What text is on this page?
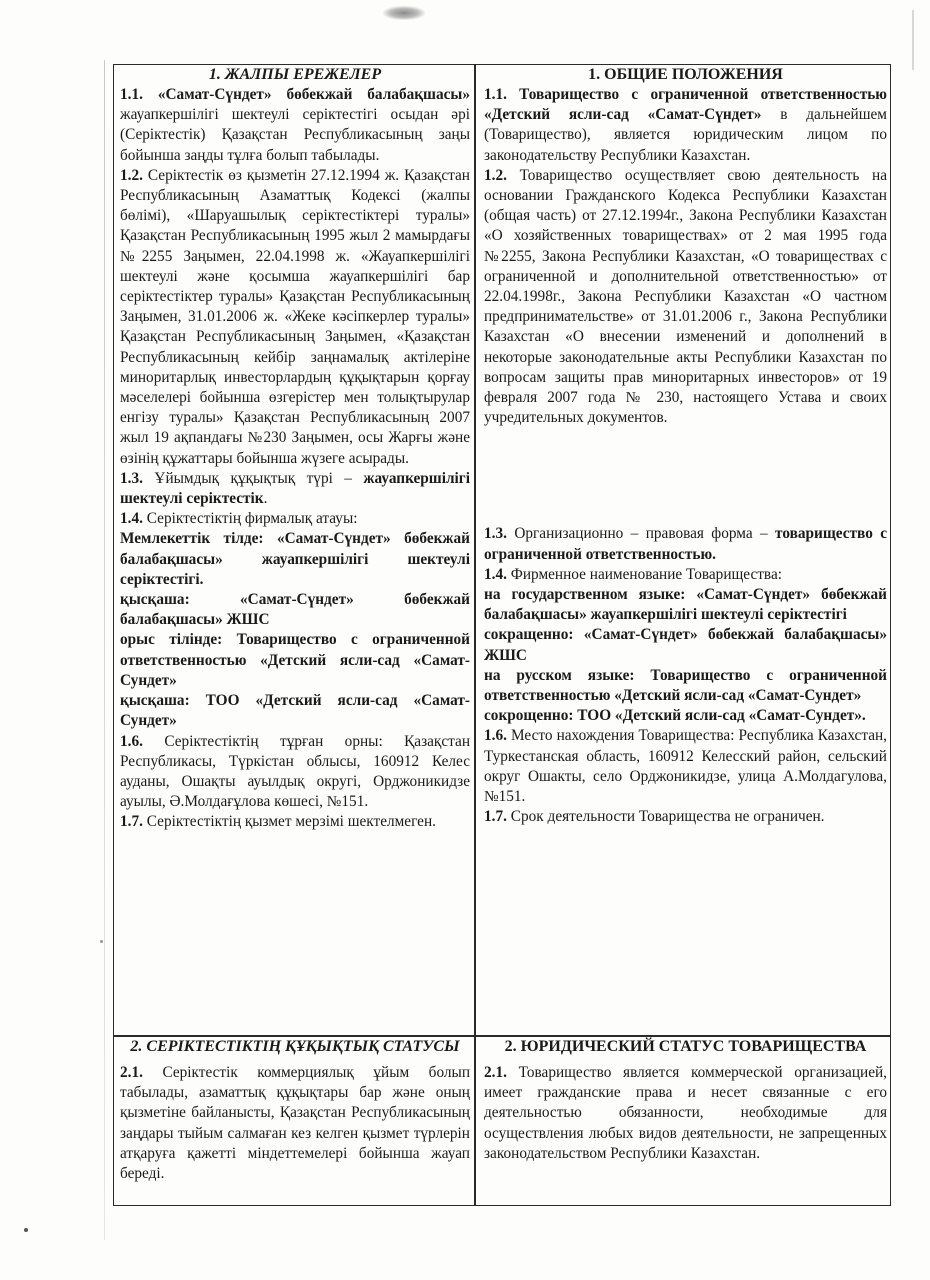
1. ЖАЛПЫ ЕРЕЖЕЛЕР

1.1. «Самат-Сүндет» бөбекжай балабақшасы» жауапкершілігі шектеулі серіктестігі осыдан әрі (Серіктестік) Қазақстан Республикасының заңы бойынша заңды тұлға болып табылады.

1.2. Серіктестік өз қызметін 27.12.1994 ж. Қазақстан Республикасының Азаматтық Кодексі (жалпы бөлімі), «Шаруашылық серіктестіктері туралы» Қазақстан Республикасының 1995 жыл 2 мамырдағы №2255 Заңымен, 22.04.1998 ж. «Жауапкершілігі шектеулі және қосымша жауапкершілігі бар серіктестіктер туралы» Қазақстан Республикасының Заңымен, 31.01.2006 ж. «Жеке кәсіпкерлер туралы» Қазақстан Республикасының Заңымен, «Қазақстан Республикасының кейбір заңнамалық актілеріне миноритарлық инвесторлардың құқықтарын қорғау мәселелері бойынша өзгерістер мен толықтырулар енгізу туралы» Қазақстан Республикасының 2007 жыл 19 ақпандағы №230 Заңымен, осы Жарғы және өзінің құжаттары бойынша жүзеге асырады.

1.3. Ұйымдық құқықтық түрі – жауапкершілігі шектеулі серіктестік.

1.4. Серіктестіктің фирмалық атауы:

Мемлекеттік тілде: «Самат-Сүндет» бөбекжай балабақшасы» жауапкершілігі шектеулі серіктестігі.

қысқаша: «Самат-Сүндет» бөбекжай балабақшасы» ЖШС

орыс тілінде: Товарищество с ограниченной ответственностью «Детский ясли-сад «Самат-Сундет»

қысқаша: ТОО «Детский ясли-сад «Самат-Сундет»

1.6. Серіктестіктің тұрған орны: Қазақстан Республикасы, Түркістан облысы, 160912 Келес ауданы, Ошақты ауылдық округі, Орджоникидзе ауылы, Ә.Молдағұлова көшесі, №151.

1.7. Серіктестіктің қызмет мерзімі шектелмеген.

1. ОБЩИЕ ПОЛОЖЕНИЯ

1.1. Товарищество с ограниченной ответственностью «Детский ясли-сад «Самат-Сүндет» в дальнейшем (Товарищество), является юридическим лицом по законодательству Республики Казахстан.

1.2. Товарищество осуществляет свою деятельность на основании Гражданского Кодекса Республики Казахстан (общая часть) от 27.12.1994г., Закона Республики Казахстан «О хозяйственных товариществах» от 2 мая 1995 года №2255, Закона Республики Казахстан, «О товариществах с ограниченной и дополнительной ответственностью» от 22.04.1998г., Закона Республики Казахстан «О частном предпринимательстве» от 31.01.2006 г., Закона Республики Казахстан «О внесении изменений и дополнений в некоторые законодательные акты Республики Казахстан по вопросам защиты прав миноритарных инвесторов» от 19 февраля 2007 года № 230, настоящего Устава и своих учредительных документов.

1.3. Организационно – правовая форма – товарищество с ограниченной ответственностью.

1.4. Фирменное наименование Товарищества:

на государственном языке: «Самат-Сүндет» бөбекжай балабақшасы» жауапкершілігі шектеулі серіктестігі

сокращенно: «Самат-Сүндет» бөбекжай балабақшасы» ЖШС

на русском языке: Товарищество с ограниченной ответственностью «Детский ясли-сад «Самат-Сундет»

сокрощенно: ТОО «Детский ясли-сад «Самат-Сундет».

1.6. Место нахождения Товарищества: Республика Казахстан, Туркестанская область, 160912 Келесский район, сельский округ Ошакты, село Орджоникидзе, улица А.Молдагулова, №151.

1.7. Срок деятельности Товарищества не ограничен.

2. СЕРІКТЕСТІКТІҢ ҚҰҚЫҚТЫҚ СТАТУСЫ

2.1. Серіктестік коммерциялық ұйым болып табылады, азаматтық құқықтары бар және оның қызметіне байланысты, Қазақстан Республикасының заңдары тыйым салмаған кез келген қызмет түрлерін атқаруға қажетті міндеттемелері бойынша жауап береді.

2. ЮРИДИЧЕСКИЙ СТАТУС ТОВАРИЩЕСТВА

2.1. Товарищество является коммерческой организацией, имеет гражданские права и несет связанные с его деятельностью обязанности, необходимые для осуществления любых видов деятельности, не запрещенных законодательством Республики Казахстан.
